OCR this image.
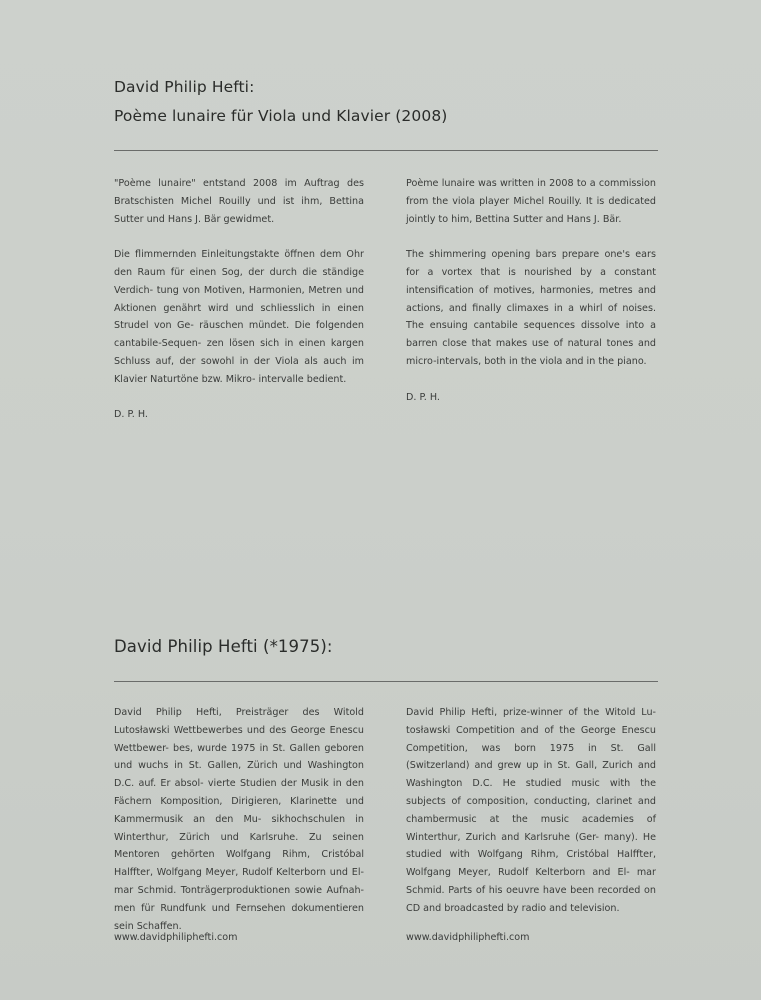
David Philip Hefti:
Poème lunaire für Viola und Klavier (2008)

"Poème lunaire" entstand 2008 im Auftrag des Bratschisten Michel Rouilly und ist ihm, Bettina Sutter und Hans J. Bär gewidmet.

Die flimmernden Einleitungstakte öffnen dem Ohr den Raum für einen Sog, der durch die ständige Verdich- tung von Motiven, Harmonien, Metren und Aktionen genährt wird und schliesslich in einen Strudel von Ge- räuschen mündet. Die folgenden cantabile-Sequen- zen lösen sich in einen kargen Schluss auf, der sowohl in der Viola als auch im Klavier Naturtöne bzw. Mikro- intervalle bedient.

D. P. H.

Poème lunaire was written in 2008 to a commission from the viola player Michel Rouilly. It is dedicated jointly to him, Bettina Sutter and Hans J. Bär.

The shimmering opening bars prepare one's ears for a vortex that is nourished by a constant intensification of motives, harmonies, metres and actions, and finally climaxes in a whirl of noises. The ensuing cantabile sequences dissolve into a barren close that makes use of natural tones and micro-intervals, both in the viola and in the piano.

D. P. H.

David Philip Hefti (*1975):

David Philip Hefti, Preisträger des Witold Lutosławski Wettbewerbes und des George Enescu Wettbewer- bes, wurde 1975 in St. Gallen geboren und wuchs in St. Gallen, Zürich und Washington D.C. auf. Er absol- vierte Studien der Musik in den Fächern Komposition, Dirigieren, Klarinette und Kammermusik an den Mu- sikhochschulen in Winterthur, Zürich und Karlsruhe. Zu seinen Mentoren gehörten Wolfgang Rihm, Cristóbal Halffter, Wolfgang Meyer, Rudolf Kelterborn und El- mar Schmid. Tonträgerproduktionen sowie Aufnah- men für Rundfunk und Fernsehen dokumentieren sein Schaffen.

David Philip Hefti, prize-winner of the Witold Lu- tosławski Competition and of the George Enescu Competition, was born 1975 in St. Gall (Switzerland) and grew up in St. Gall, Zurich and Washington D.C. He studied music with the subjects of composition, conducting, clarinet and chambermusic at the music academies of Winterthur, Zurich and Karlsruhe (Ger- many). He studied with Wolfgang Rihm, Cristóbal Halffter, Wolfgang Meyer, Rudolf Kelterborn and El- mar Schmid. Parts of his oeuvre have been recorded on CD and broadcasted by radio and television.

www.davidphiliphefti.com	www.davidphiliphefti.com
